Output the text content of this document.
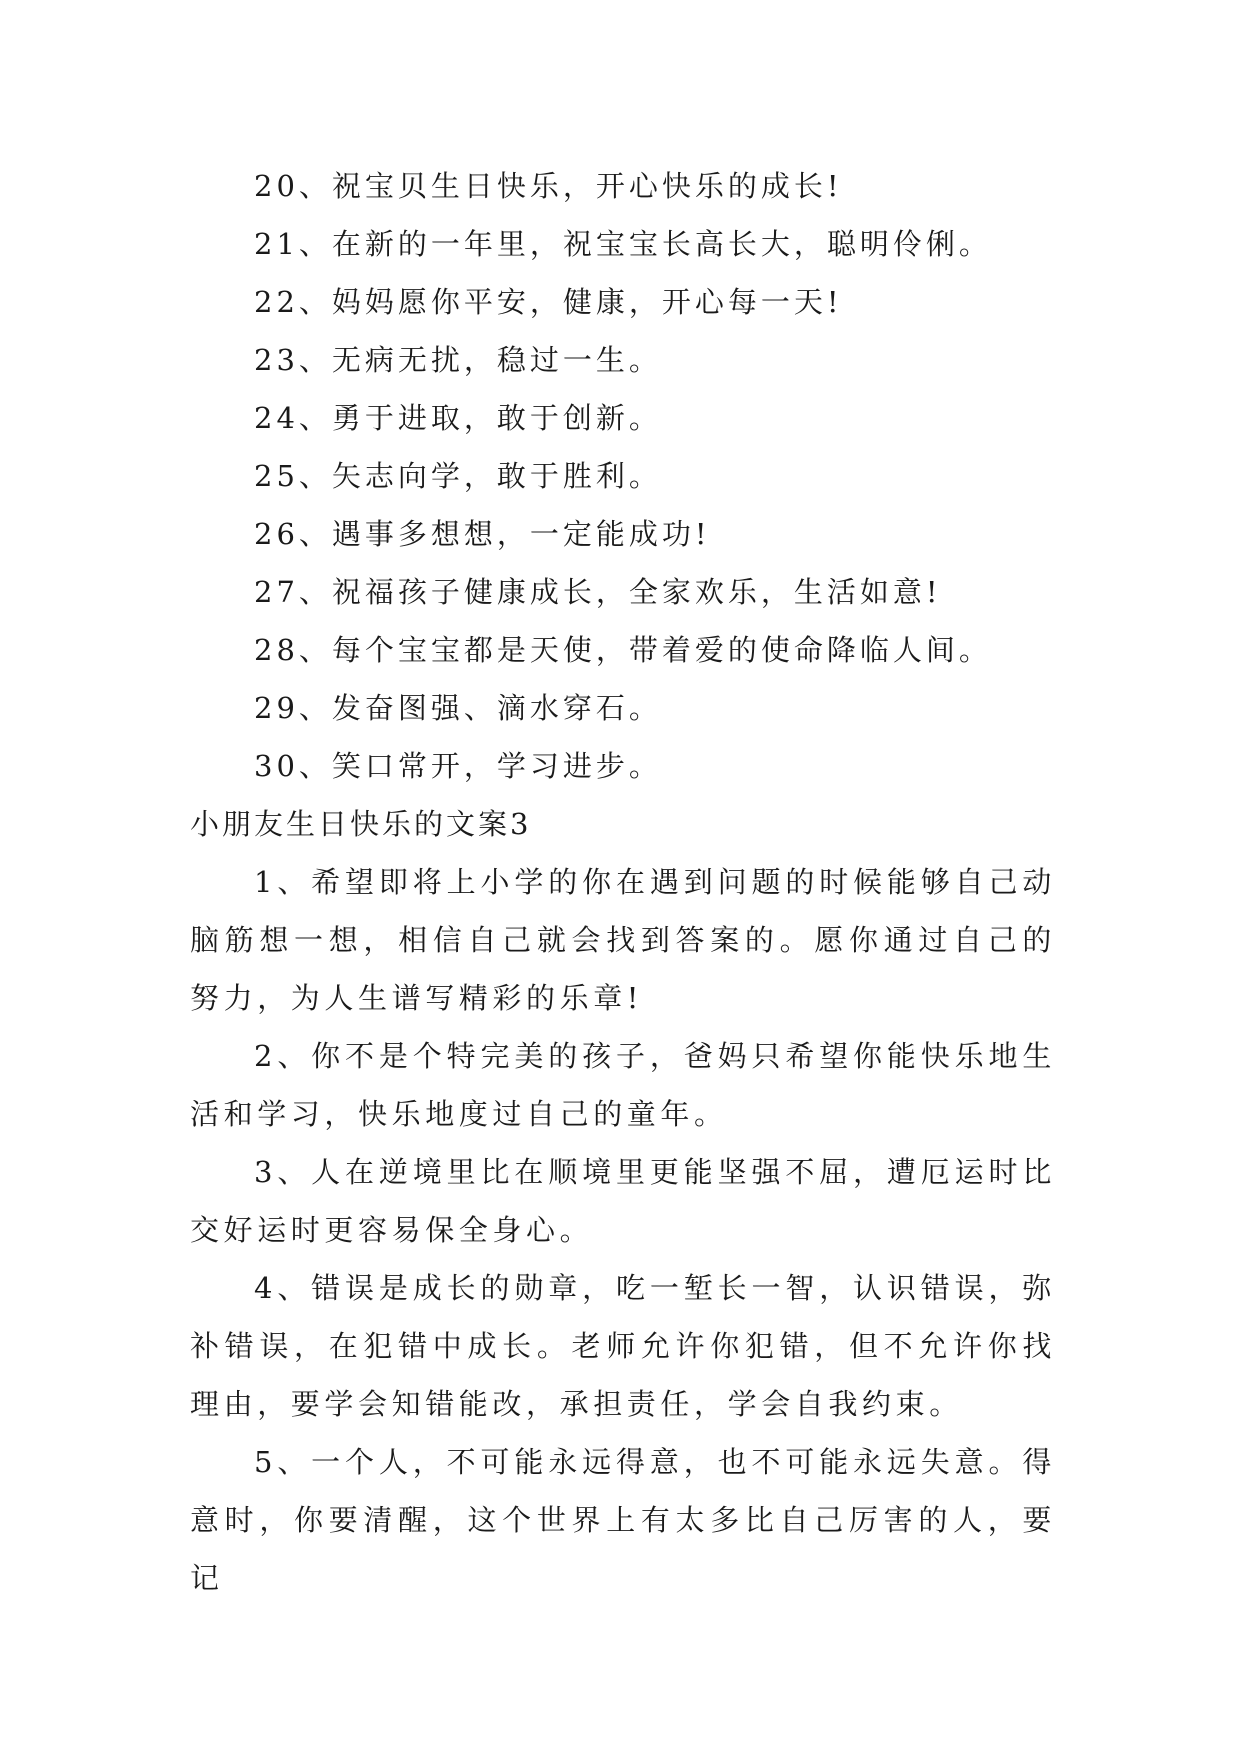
20、祝宝贝生日快乐，开心快乐的成长!
21、在新的一年里，祝宝宝长高长大，聪明伶俐。
22、妈妈愿你平安，健康，开心每一天!
23、无病无扰，稳过一生。
24、勇于进取，敢于创新。
25、矢志向学，敢于胜利。
26、遇事多想想，一定能成功!
27、祝福孩子健康成长，全家欢乐，生活如意!
28、每个宝宝都是天使，带着爱的使命降临人间。
29、发奋图强、滴水穿石。
30、笑口常开，学习进步。
小朋友生日快乐的文案3

1、希望即将上小学的你在遇到问题的时候能够自己动脑筋想一想，相信自己就会找到答案的。愿你通过自己的努力，为人生谱写精彩的乐章!

2、你不是个特完美的孩子，爸妈只希望你能快乐地生活和学习，快乐地度过自己的童年。

3、人在逆境里比在顺境里更能坚强不屈，遭厄运时比交好运时更容易保全身心。

4、错误是成长的勋章，吃一堑长一智，认识错误，弥补错误，在犯错中成长。老师允许你犯错，但不允许你找理由，要学会知错能改，承担责任，学会自我约束。

5、一个人，不可能永远得意，也不可能永远失意。得意时，你要清醒，这个世界上有太多比自己厉害的人，要记
